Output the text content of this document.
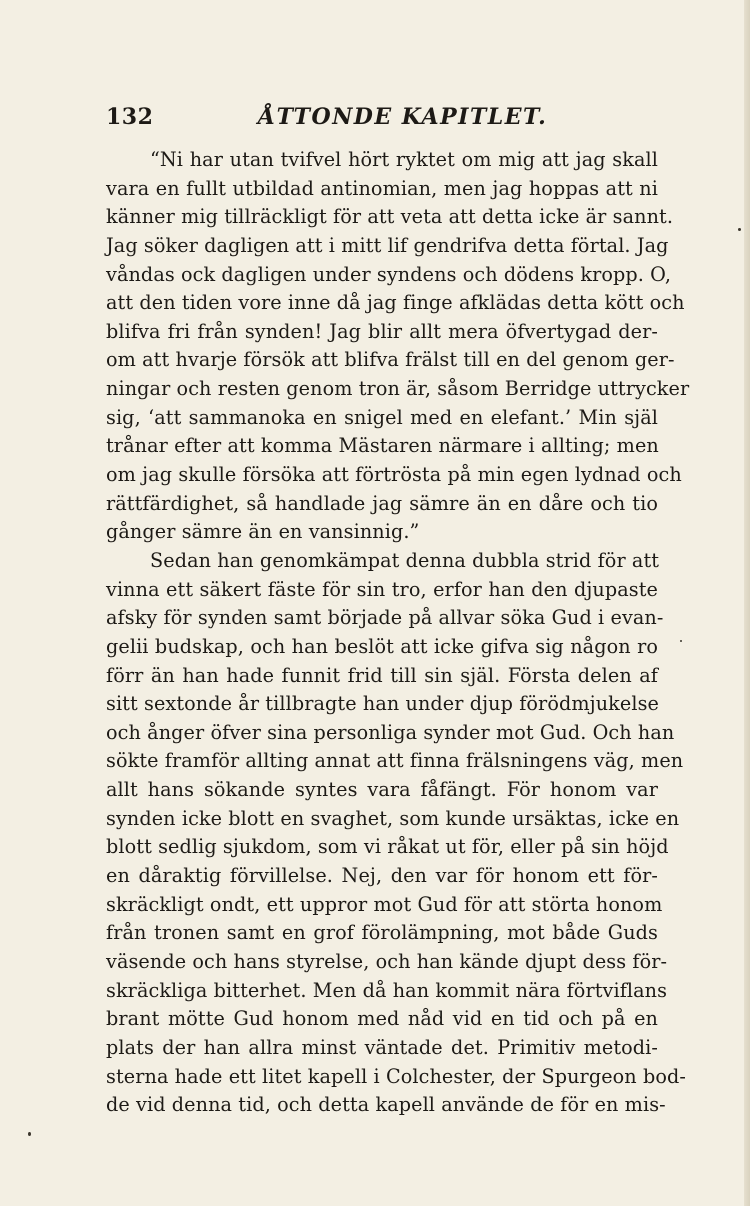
132	ÅTTONDE KAPITLET.
“Ni har utan tvifvel hört ryktet om mig att jag skall
vara en fullt utbildad antinomian, men jag hoppas att ni
känner mig tillräckligt för att veta att detta icke är sannt.
Jag söker dagligen att i mitt lif gendrifva detta förtal. Jag
våndas ock dagligen under syndens och dödens kropp. O,
att den tiden vore inne då jag finge afklädas detta kött och
blifva fri från synden! Jag blir allt mera öfvertygad der-
om att hvarje försök att blifva frälst till en del genom ger-
ningar och resten genom tron är, såsom Berridge uttrycker
sig, ‘att sammanoka en snigel med en elefant.’ Min själ
trånar efter att komma Mästaren närmare i allting; men
om jag skulle försöka att förtrösta på min egen lydnad och
rättfärdighet, så handlade jag sämre än en dåre och tio
gånger sämre än en vansinnig.”
Sedan han genomkämpat denna dubbla strid för att
vinna ett säkert fäste för sin tro, erfor han den djupaste
afsky för synden samt började på allvar söka Gud i evan-
gelii budskap, och han beslöt att icke gifva sig någon ro
förr än han hade funnit frid till sin själ. Första delen af
sitt sextonde år tillbragte han under djup förödmjukelse
och ånger öfver sina personliga synder mot Gud. Och han
sökte framför allting annat att finna frälsningens väg, men
allt hans sökande syntes vara fåfängt. För honom var
synden icke blott en svaghet, som kunde ursäktas, icke en
blott sedlig sjukdom, som vi råkat ut för, eller på sin höjd
en dåraktig förvillelse. Nej, den var för honom ett för-
skräckligt ondt, ett uppror mot Gud för att störta honom
från tronen samt en grof förolämpning, mot både Guds
väsende och hans styrelse, och han kände djupt dess för-
skräckliga bitterhet. Men då han kommit nära förtviflans
brant mötte Gud honom med nåd vid en tid och på en
plats der han allra minst väntade det. Primitiv metodi-
sterna hade ett litet kapell i Colchester, der Spurgeon bod-
de vid denna tid, och detta kapell använde de för en mis-
